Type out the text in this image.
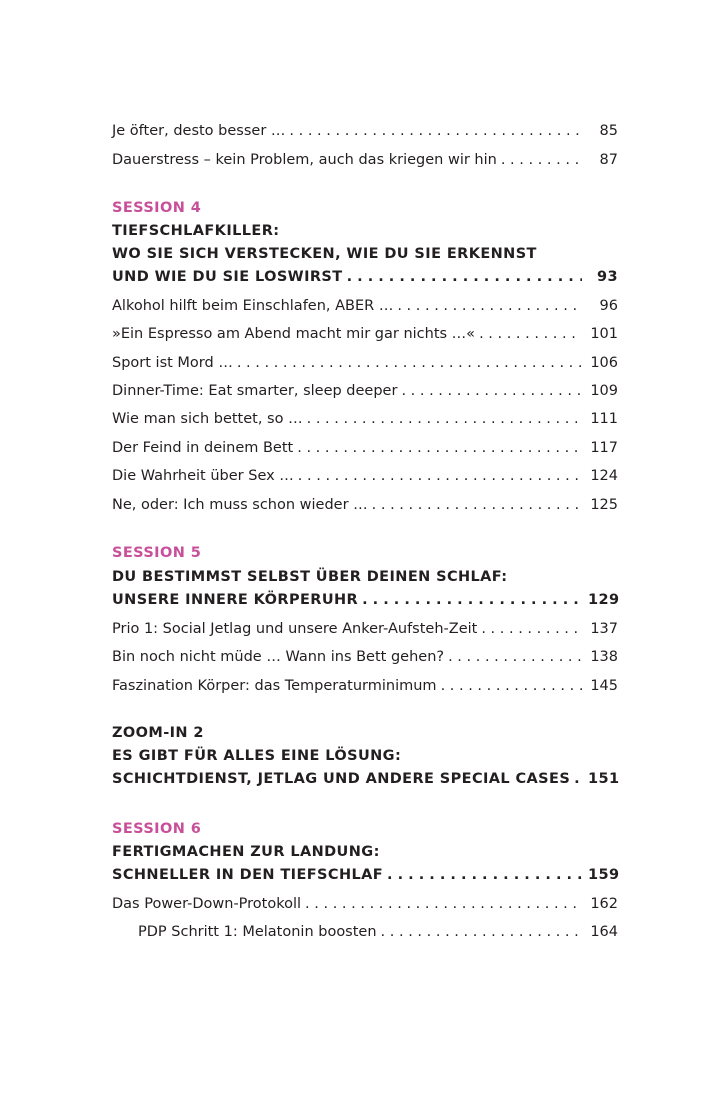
Je öfter, desto besser … . . .	85
Dauerstress – kein Problem, auch das kriegen wir hin . . .	87
SESSION 4
TIEFSCHLAFKILLER:
WO SIE SICH VERSTECKEN, WIE DU SIE ERKENNST
UND WIE DU SIE LOSWIRST . . .	93
Alkohol hilft beim Einschlafen, ABER … . . .	96
»Ein Espresso am Abend macht mir gar nichts …« . . .	101
Sport ist Mord … . . .	106
Dinner-Time: Eat smarter, sleep deeper . . .	109
Wie man sich bettet, so … . . .	111
Der Feind in deinem Bett . . .	117
Die Wahrheit über Sex … . . .	124
Ne, oder: Ich muss schon wieder … . . .	125
SESSION 5
DU BESTIMMST SELBST ÜBER DEINEN SCHLAF:
UNSERE INNERE KÖRPERUHR . . .	129
Prio 1: Social Jetlag und unsere Anker-Aufsteh-Zeit . . .	137
Bin noch nicht müde … Wann ins Bett gehen? . . .	138
Faszination Körper: das Temperaturminimum . . .	145
ZOOM-IN 2
ES GIBT FÜR ALLES EINE LÖSUNG:
SCHICHTDIENST, JETLAG UND ANDERE SPECIAL CASES . . . 151
SESSION 6
FERTIGMACHEN ZUR LANDUNG:
SCHNELLER IN DEN TIEFSCHLAF . . .	159
Das Power-Down-Protokoll . . .	162
PDP Schritt 1: Melatonin boosten . . .	164
